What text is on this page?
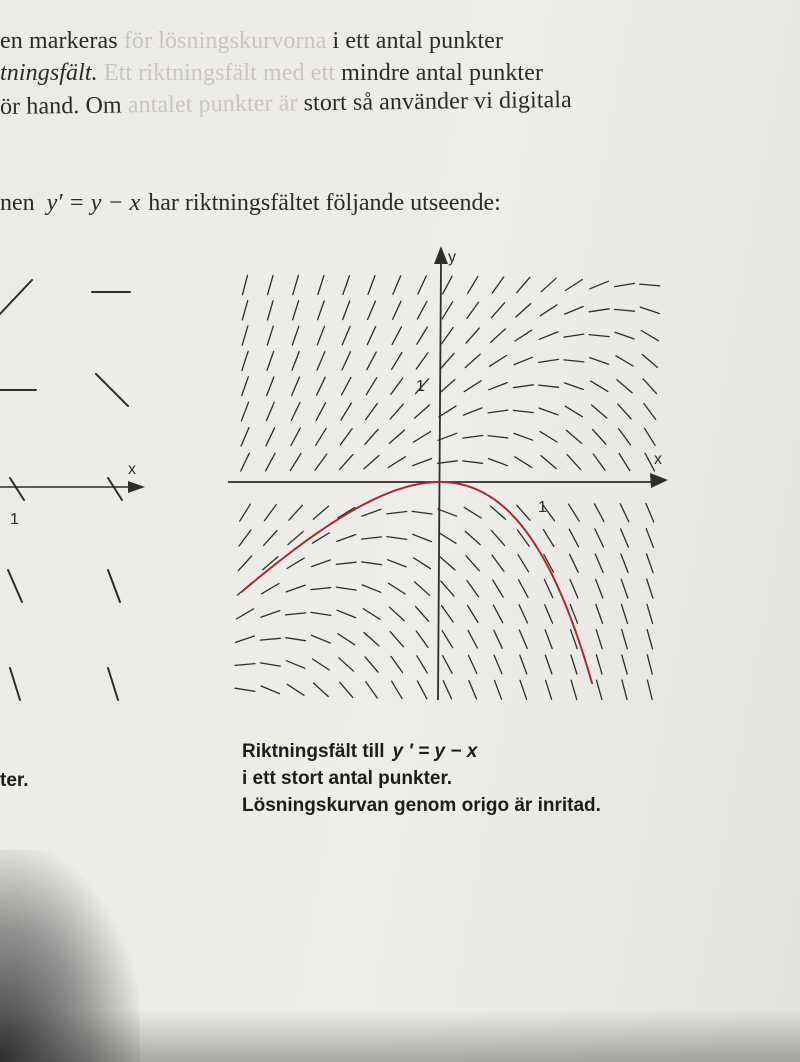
en markeras för lösningskurvorna i ett antal punkter
tningsfält. Ett riktningsfält med ett mindre antal punkter
ör hand. Om antalet punkter är stort så använder vi digitala
nen y′ = y − x har riktningsfältet följande utseende:
x
1
x
y
1
1

ter.
Riktningsfält till y ′ = y − x
i ett stort antal punkter.
Lösningskurvan genom origo är inritad.
